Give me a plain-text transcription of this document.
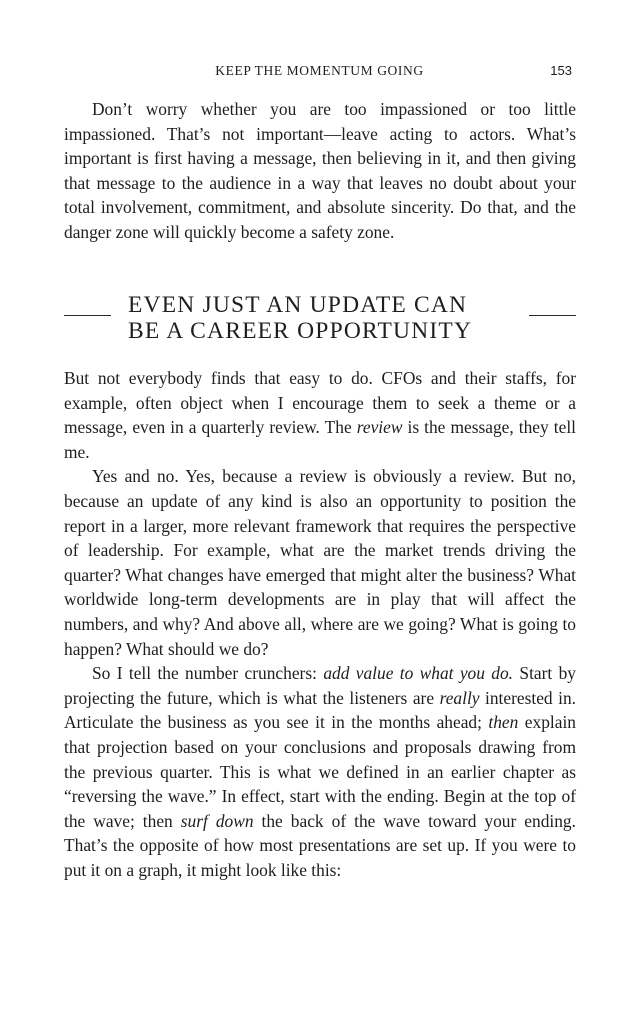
KEEP THE MOMENTUM GOING	153

Don’t worry whether you are too impassioned or too little impassioned. That’s not important—leave acting to actors. What’s important is first having a message, then believing in it, and then giving that message to the audience in a way that leaves no doubt about your total involvement, commitment, and absolute sincerity. Do that, and the danger zone will quickly become a safety zone.

EVEN JUST AN UPDATE CAN
BE A CAREER OPPORTUNITY

But not everybody finds that easy to do. CFOs and their staffs, for example, often object when I encourage them to seek a theme or a message, even in a quarterly review. The review is the message, they tell me.

Yes and no. Yes, because a review is obviously a review. But no, because an update of any kind is also an opportunity to position the report in a larger, more relevant framework that requires the perspective of leadership. For example, what are the market trends driving the quarter? What changes have emerged that might alter the business? What worldwide long-term developments are in play that will affect the numbers, and why? And above all, where are we going? What is going to happen? What should we do?

So I tell the number crunchers: add value to what you do. Start by projecting the future, which is what the listeners are really interested in. Articulate the business as you see it in the months ahead; then explain that projection based on your conclusions and proposals drawing from the previous quarter. This is what we defined in an earlier chapter as “reversing the wave.” In effect, start with the ending. Begin at the top of the wave; then surf down the back of the wave toward your ending. That’s the opposite of how most presentations are set up. If you were to put it on a graph, it might look like this:
